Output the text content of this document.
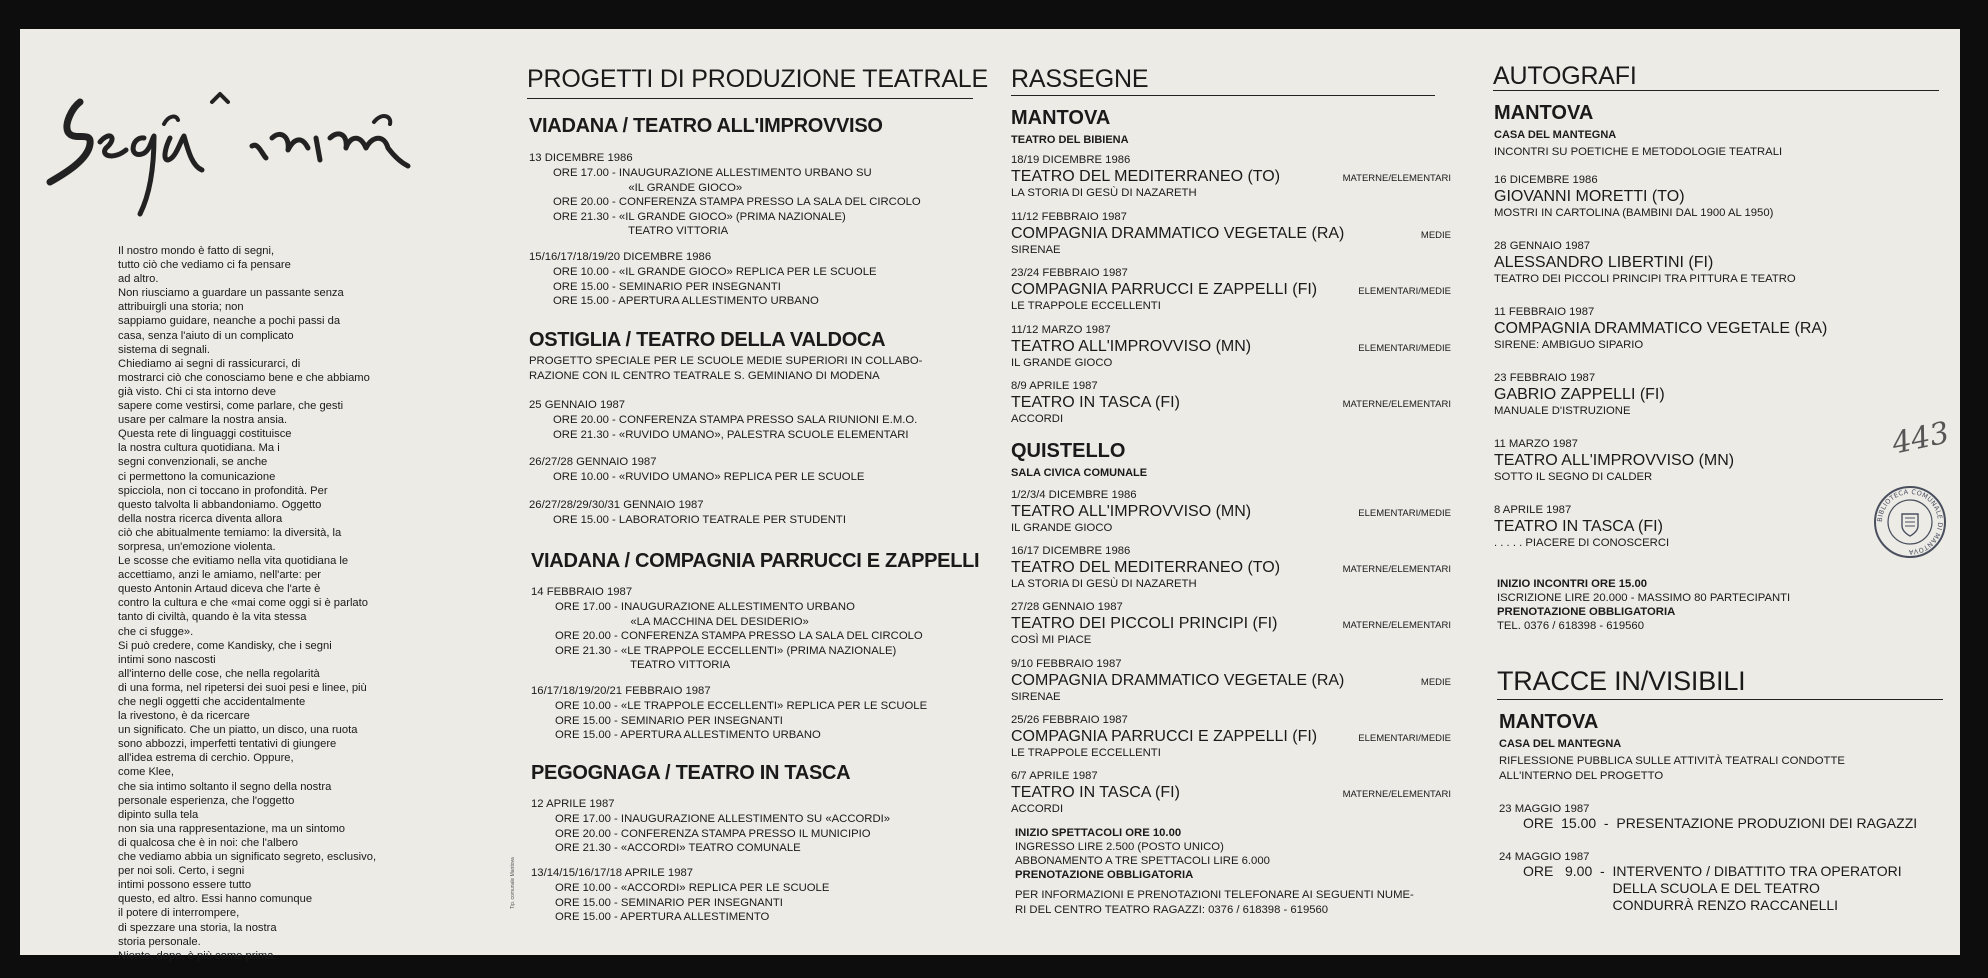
Il nostro mondo è fatto di segni,
tutto ciò che vediamo ci fa pensare
ad altro.
Non riusciamo a guardare un passante senza
attribuirgli una storia; non
sappiamo guidare, neanche a pochi passi da
casa, senza l'aiuto di un complicato
sistema di segnali.
Chiediamo ai segni di rassicurarci, di
mostrarci ciò che conosciamo bene e che abbiamo
già visto. Chi ci sta intorno deve
sapere come vestirsi, come parlare, che gesti
usare per calmare la nostra ansia.
Questa rete di linguaggi costituisce
la nostra cultura quotidiana. Ma i
segni convenzionali, se anche
ci permettono la comunicazione
spicciola, non ci toccano in profondità. Per
questo talvolta li abbandoniamo. Oggetto
della nostra ricerca diventa allora
ciò che abitualmente temiamo: la diversità, la
sorpresa, un'emozione violenta.
Le scosse che evitiamo nella vita quotidiana le
accettiamo, anzi le amiamo, nell'arte: per
questo Antonin Artaud diceva che l'arte è
contro la cultura e che «mai come oggi si è parlato
tanto di civiltà, quando è la vita stessa
che ci sfugge».
Si può credere, come Kandisky, che i segni
intimi sono nascosti
all'interno delle cose, che nella regolarità
di una forma, nel ripetersi dei suoi pesi e linee, più
che negli oggetti che accidentalmente
la rivestono, è da ricercare
un significato. Che un piatto, un disco, una ruota
sono abbozzi, imperfetti tentativi di giungere
all'idea estrema di cerchio. Oppure,
come Klee,
che sia intimo soltanto il segno della nostra
personale esperienza, che l'oggetto
dipinto sulla tela
non sia una rappresentazione, ma un sintomo
di qualcosa che è in noi: che l'albero
che vediamo abbia un significato segreto, esclusivo,
per noi soli. Certo, i segni
intimi possono essere tutto
questo, ed altro. Essi hanno comunque
il potere di interrompere,
di spezzare una storia, la nostra
storia personale.
Niente, dopo, è più come prima.
Tip. comunale Mantova
PROGETTI DI PRODUZIONE TEATRALE
VIADANA / TEATRO ALL'IMPROVVISO
13 DICEMBRE 1986
ORE 17.00 - INAUGURAZIONE ALLESTIMENTO URBANO SU
«IL GRANDE GIOCO»
ORE 20.00 - CONFERENZA STAMPA PRESSO LA SALA DEL CIRCOLO
ORE 21.30 - «IL GRANDE GIOCO» (PRIMA NAZIONALE)
TEATRO VITTORIA
15/16/17/18/19/20 DICEMBRE 1986
ORE 10.00 - «IL GRANDE GIOCO» REPLICA PER LE SCUOLE
ORE 15.00 - SEMINARIO PER INSEGNANTI
ORE 15.00 - APERTURA ALLESTIMENTO URBANO
OSTIGLIA / TEATRO DELLA VALDOCA
PROGETTO SPECIALE PER LE SCUOLE MEDIE SUPERIORI IN COLLABO-
RAZIONE CON IL CENTRO TEATRALE S. GEMINIANO DI MODENA
25 GENNAIO 1987
ORE 20.00 - CONFERENZA STAMPA PRESSO SALA RIUNIONI E.M.O.
ORE 21.30 - «RUVIDO UMANO», PALESTRA SCUOLE ELEMENTARI
26/27/28 GENNAIO 1987
ORE 10.00 - «RUVIDO UMANO» REPLICA PER LE SCUOLE
26/27/28/29/30/31 GENNAIO 1987
ORE 15.00 - LABORATORIO TEATRALE PER STUDENTI
VIADANA / COMPAGNIA PARRUCCI E ZAPPELLI
14 FEBBRAIO 1987
ORE 17.00 - INAUGURAZIONE ALLESTIMENTO URBANO
«LA MACCHINA DEL DESIDERIO»
ORE 20.00 - CONFERENZA STAMPA PRESSO LA SALA DEL CIRCOLO
ORE 21.30 - «LE TRAPPOLE ECCELLENTI» (PRIMA NAZIONALE)
TEATRO VITTORIA
16/17/18/19/20/21 FEBBRAIO 1987
ORE 10.00 - «LE TRAPPOLE ECCELLENTI» REPLICA PER LE SCUOLE
ORE 15.00 - SEMINARIO PER INSEGNANTI
ORE 15.00 - APERTURA ALLESTIMENTO URBANO
PEGOGNAGA / TEATRO IN TASCA
12 APRILE 1987
ORE 17.00 - INAUGURAZIONE ALLESTIMENTO SU «ACCORDI»
ORE 20.00 - CONFERENZA STAMPA PRESSO IL MUNICIPIO
ORE 21.30 - «ACCORDI» TEATRO COMUNALE
13/14/15/16/17/18 APRILE 1987
ORE 10.00 - «ACCORDI» REPLICA PER LE SCUOLE
ORE 15.00 - SEMINARIO PER INSEGNANTI
ORE 15.00 - APERTURA ALLESTIMENTO
RASSEGNE
MANTOVA
TEATRO DEL BIBIENA
18/19 DICEMBRE 1986
TEATRO DEL MEDITERRANEO (TO)
LA STORIA DI GESÙ DI NAZARETH
MATERNE/ELEMENTARI
11/12 FEBBRAIO 1987
COMPAGNIA DRAMMATICO VEGETALE (RA)
SIRENAE
MEDIE
23/24 FEBBRAIO 1987
COMPAGNIA PARRUCCI E ZAPPELLI (FI)
LE TRAPPOLE ECCELLENTI
ELEMENTARI/MEDIE
11/12 MARZO 1987
TEATRO ALL'IMPROVVISO (MN)
IL GRANDE GIOCO
ELEMENTARI/MEDIE
8/9 APRILE 1987
TEATRO IN TASCA (FI)
ACCORDI
MATERNE/ELEMENTARI
QUISTELLO
SALA CIVICA COMUNALE
1/2/3/4 DICEMBRE 1986
TEATRO ALL'IMPROVVISO (MN)
IL GRANDE GIOCO
ELEMENTARI/MEDIE
16/17 DICEMBRE 1986
TEATRO DEL MEDITERRANEO (TO)
LA STORIA DI GESÙ DI NAZARETH
MATERNE/ELEMENTARI
27/28 GENNAIO 1987
TEATRO DEI PICCOLI PRINCIPI (FI)
COSÌ MI PIACE
MATERNE/ELEMENTARI
9/10 FEBBRAIO 1987
COMPAGNIA DRAMMATICO VEGETALE (RA)
SIRENAE
MEDIE
25/26 FEBBRAIO 1987
COMPAGNIA PARRUCCI E ZAPPELLI (FI)
LE TRAPPOLE ECCELLENTI
ELEMENTARI/MEDIE
6/7 APRILE 1987
TEATRO IN TASCA (FI)
ACCORDI
MATERNE/ELEMENTARI
INIZIO SPETTACOLI ORE 10.00
INGRESSO LIRE 2.500 (POSTO UNICO)
ABBONAMENTO A TRE SPETTACOLI LIRE 6.000
PRENOTAZIONE OBBLIGATORIA
PER INFORMAZIONI E PRENOTAZIONI TELEFONARE AI SEGUENTI NUME-
RI DEL CENTRO TEATRO RAGAZZI: 0376 / 618398 - 619560
AUTOGRAFI
MANTOVA
CASA DEL MANTEGNA
INCONTRI SU POETICHE E METODOLOGIE TEATRALI
16 DICEMBRE 1986
GIOVANNI MORETTI (TO)
MOSTRI IN CARTOLINA (BAMBINI DAL 1900 AL 1950)
28 GENNAIO 1987
ALESSANDRO LIBERTINI (FI)
TEATRO DEI PICCOLI PRINCIPI TRA PITTURA E TEATRO
11 FEBBRAIO 1987
COMPAGNIA DRAMMATICO VEGETALE (RA)
SIRENE: AMBIGUO SIPARIO
23 FEBBRAIO 1987
GABRIO ZAPPELLI (FI)
MANUALE D'ISTRUZIONE
11 MARZO 1987
TEATRO ALL'IMPROVVISO (MN)
SOTTO IL SEGNO DI CALDER
8 APRILE 1987
TEATRO IN TASCA (FI)
. . . . . PIACERE DI CONOSCERCI
INIZIO INCONTRI ORE 15.00
ISCRIZIONE LIRE 20.000 - MASSIMO 80 PARTECIPANTI
PRENOTAZIONE OBBLIGATORIA
TEL. 0376 / 618398 - 619560
TRACCE IN/VISIBILI
MANTOVA
CASA DEL MANTEGNA
RIFLESSIONE PUBBLICA SULLE ATTIVITÀ TEATRALI CONDOTTE
ALL'INTERNO DEL PROGETTO
23 MAGGIO 1987
ORE  15.00  -  PRESENTAZIONE PRODUZIONI DEI RAGAZZI
24 MAGGIO 1987
ORE   9.00  -  INTERVENTO / DIBATTITO TRA OPERATORI
DELLA SCUOLA E DEL TEATRO
CONDURRÀ RENZO RACCANELLI
443
BIBLIOTECA COMUNALE DI MANTOVA
